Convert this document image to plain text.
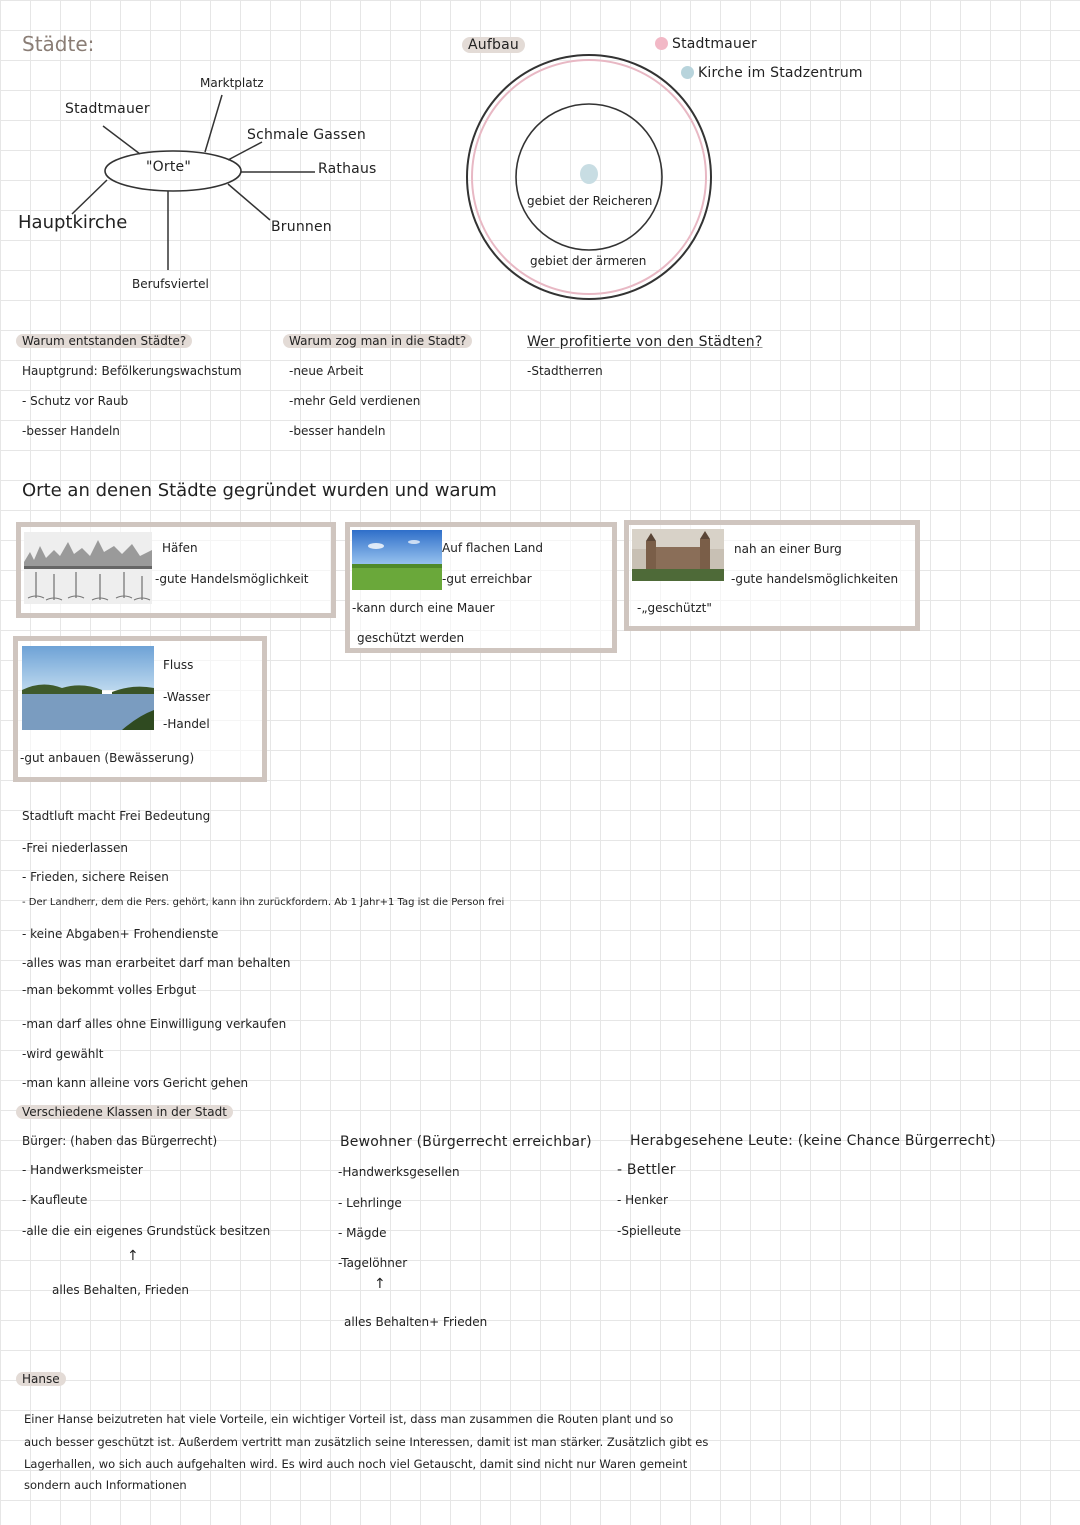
Städte:
"Orte"
Marktplatz
Stadtmauer
Schmale Gassen
Rathaus
Hauptkirche	Brunnen
Berufsviertel
Aufbau	Stadtmauer
Kirche im Stadzentrum
gebiet der Reicheren
gebiet der ärmeren
Warum entstanden Städte?
Hauptgrund: Befölkerungswachstum
- Schutz vor Raub
-besser Handeln
Warum zog man in die Stadt?
-neue Arbeit
-mehr Geld verdienen
-besser handeln
Wer profitierte von den Städten?
-Stadtherren
Orte an denen Städte gegründet wurden und warum
Häfen
-gute Handelsmöglichkeit
Auf flachen Land
-gut erreichbar
-kann durch eine Mauer
geschützt werden
nah an einer Burg
-gute handelsmöglichkeiten
-„geschützt"
Fluss
-Wasser
-Handel
-gut anbauen (Bewässerung)
Stadtluft macht Frei Bedeutung
-Frei niederlassen
- Frieden, sichere Reisen
- Der Landherr, dem die Pers. gehört, kann ihn zurückfordern. Ab 1 Jahr+1 Tag ist die Person frei
- keine Abgaben+ Frohendienste
-alles was man erarbeitet darf man behalten
-man bekommt volles Erbgut
-man darf alles ohne Einwilligung verkaufen
-wird gewählt
-man kann alleine vors Gericht gehen
Verschiedene Klassen in der Stadt
Bürger: (haben das Bürgerrecht)
- Handwerksmeister
- Kaufleute
-alle die ein eigenes Grundstück besitzen
↑
alles Behalten, Frieden
Bewohner (Bürgerrecht erreichbar)
-Handwerksgesellen
- Lehrlinge
- Mägde
-Tagelöhner
↑
alles Behalten+ Frieden
Herabgesehene Leute: (keine Chance Bürgerrecht)
- Bettler
- Henker
-Spielleute
Hanse
Einer Hanse beizutreten hat viele Vorteile, ein wichtiger Vorteil ist, dass man zusammen die Routen plant und so
auch besser geschützt ist. Außerdem vertritt man zusätzlich seine Interessen, damit ist man stärker. Zusätzlich gibt es
Lagerhallen, wo sich auch aufgehalten wird. Es wird auch noch viel Getauscht, damit sind nicht nur Waren gemeint
sondern auch Informationen
